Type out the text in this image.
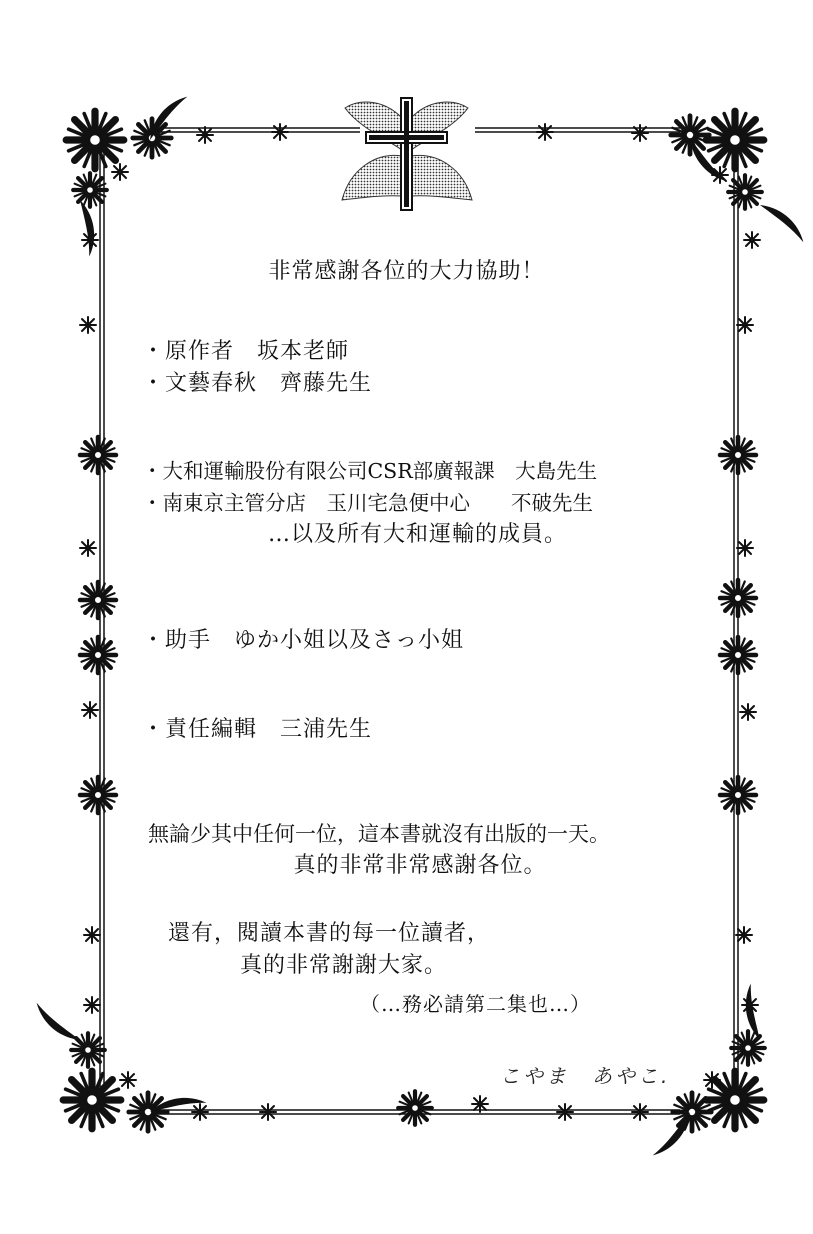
非常感謝各位的大力協助！
・原作者　坂本老師
・文藝春秋　齊藤先生
・大和運輸股份有限公司CSR部廣報課　大島先生
・南東京主管分店　玉川宅急便中心　　不破先生
…以及所有大和運輸的成員。
・助手　ゆか小姐以及さっ小姐
・責任編輯　三浦先生
無論少其中任何一位，這本書就沒有出版的一天。
真的非常非常感謝各位。
還有，閱讀本書的每一位讀者，
真的非常謝謝大家。
（…務必請第二集也…）
こやま　あやこ.
